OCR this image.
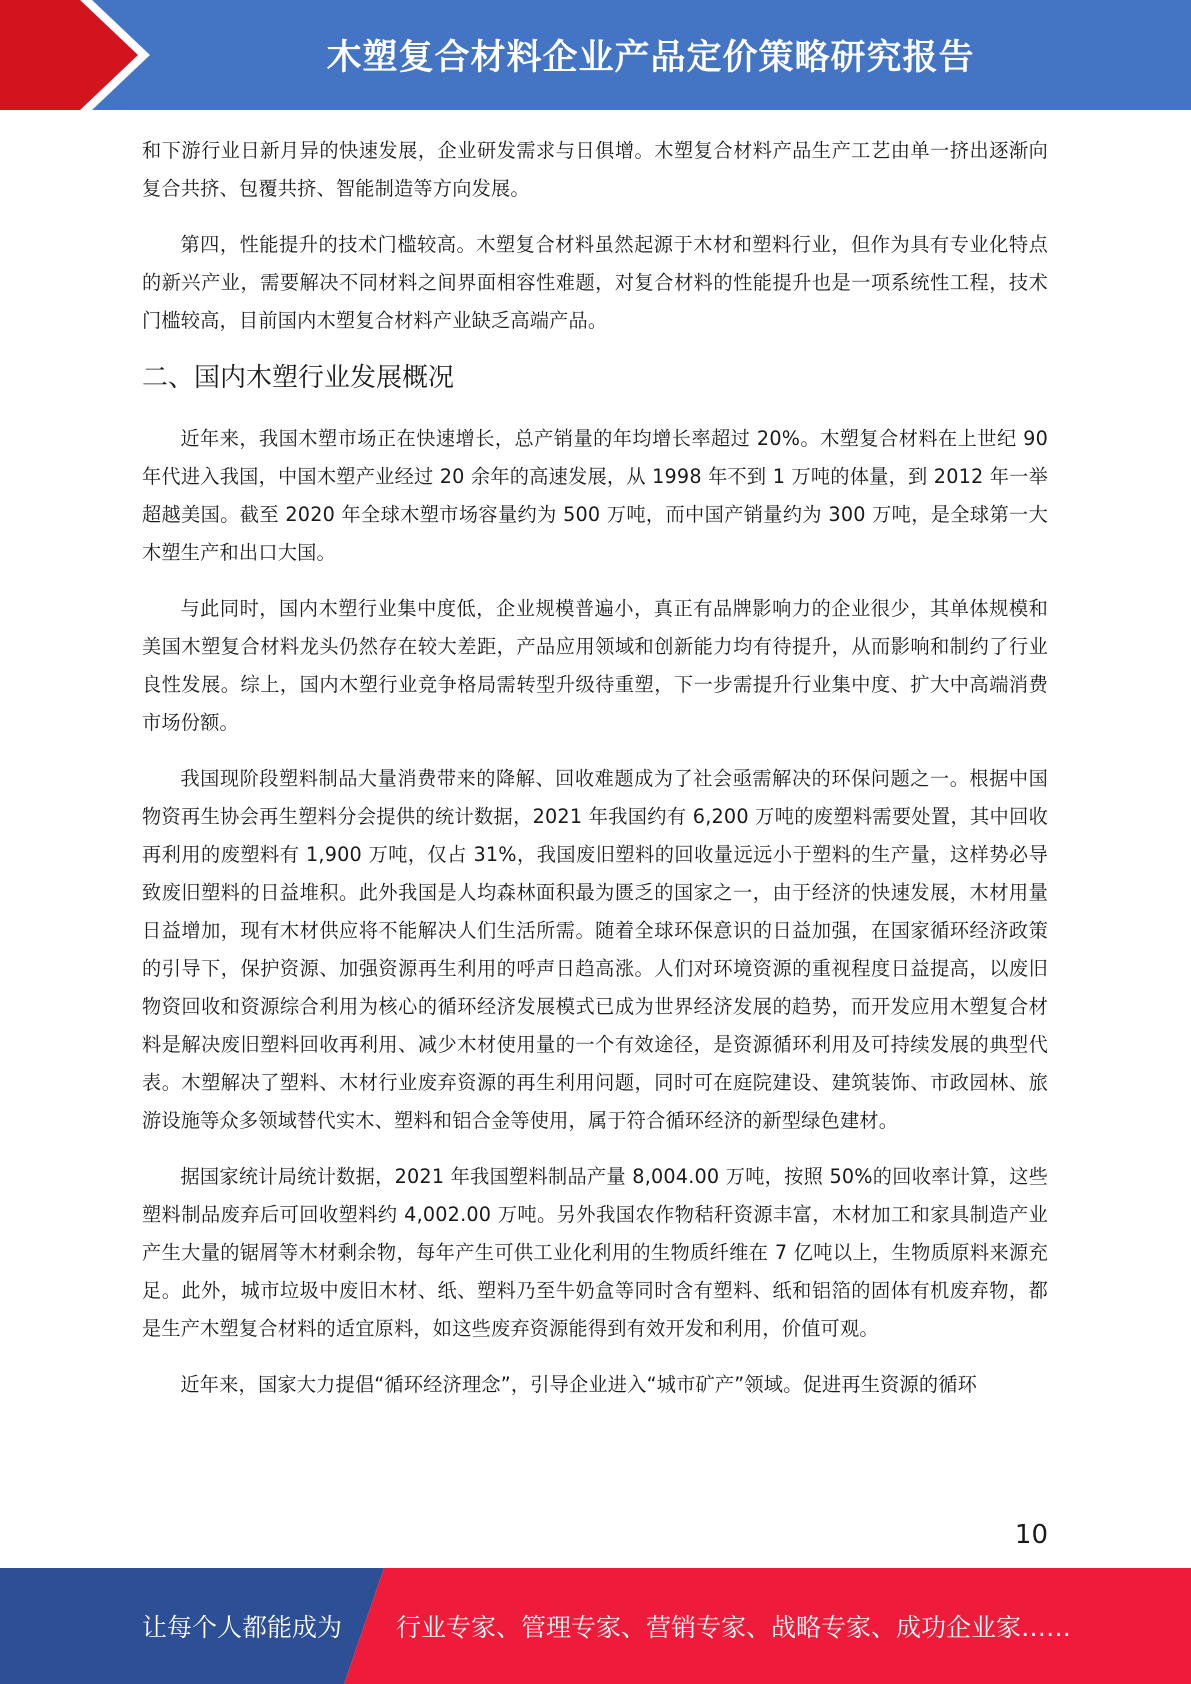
木塑复合材料企业产品定价策略研究报告

和下游行业日新月异的快速发展，企业研发需求与日俱增。木塑复合材料产品生产工艺由单一挤出逐渐向复合共挤、包覆共挤、智能制造等方向发展。

第四，性能提升的技术门槛较高。木塑复合材料虽然起源于木材和塑料行业，但作为具有专业化特点的新兴产业，需要解决不同材料之间界面相容性难题，对复合材料的性能提升也是一项系统性工程，技术门槛较高，目前国内木塑复合材料产业缺乏高端产品。

二、国内木塑行业发展概况

近年来，我国木塑市场正在快速增长，总产销量的年均增长率超过 20%。木塑复合材料在上世纪 90 年代进入我国，中国木塑产业经过 20 余年的高速发展，从 1998 年不到 1 万吨的体量，到 2012 年一举超越美国。截至 2020 年全球木塑市场容量约为 500 万吨，而中国产销量约为 300 万吨，是全球第一大木塑生产和出口大国。

与此同时，国内木塑行业集中度低，企业规模普遍小，真正有品牌影响力的企业很少，其单体规模和美国木塑复合材料龙头仍然存在较大差距，产品应用领域和创新能力均有待提升，从而影响和制约了行业良性发展。综上，国内木塑行业竞争格局需转型升级待重塑，下一步需提升行业集中度、扩大中高端消费市场份额。

我国现阶段塑料制品大量消费带来的降解、回收难题成为了社会亟需解决的环保问题之一。根据中国物资再生协会再生塑料分会提供的统计数据，2021 年我国约有 6,200 万吨的废塑料需要处置，其中回收再利用的废塑料有 1,900 万吨，仅占 31%，我国废旧塑料的回收量远远小于塑料的生产量，这样势必导致废旧塑料的日益堆积。此外我国是人均森林面积最为匮乏的国家之一，由于经济的快速发展，木材用量日益增加，现有木材供应将不能解决人们生活所需。随着全球环保意识的日益加强，在国家循环经济政策的引导下，保护资源、加强资源再生利用的呼声日趋高涨。人们对环境资源的重视程度日益提高，以废旧物资回收和资源综合利用为核心的循环经济发展模式已成为世界经济发展的趋势，而开发应用木塑复合材料是解决废旧塑料回收再利用、减少木材使用量的一个有效途径，是资源循环利用及可持续发展的典型代表。木塑解决了塑料、木材行业废弃资源的再生利用问题，同时可在庭院建设、建筑装饰、市政园林、旅游设施等众多领域替代实木、塑料和铝合金等使用，属于符合循环经济的新型绿色建材。

据国家统计局统计数据，2021 年我国塑料制品产量 8,004.00 万吨，按照 50%的回收率计算，这些塑料制品废弃后可回收塑料约 4,002.00 万吨。另外我国农作物秸秆资源丰富，木材加工和家具制造产业产生大量的锯屑等木材剩余物，每年产生可供工业化利用的生物质纤维在 7 亿吨以上，生物质原料来源充足。此外，城市垃圾中废旧木材、纸、塑料乃至牛奶盒等同时含有塑料、纸和铝箔的固体有机废弃物，都是生产木塑复合材料的适宜原料，如这些废弃资源能得到有效开发和利用，价值可观。

近年来，国家大力提倡“循环经济理念”，引导企业进入“城市矿产”领域。促进再生资源的循环

10
让每个人都能成为 行业专家、管理专家、营销专家、战略专家、成功企业家……
